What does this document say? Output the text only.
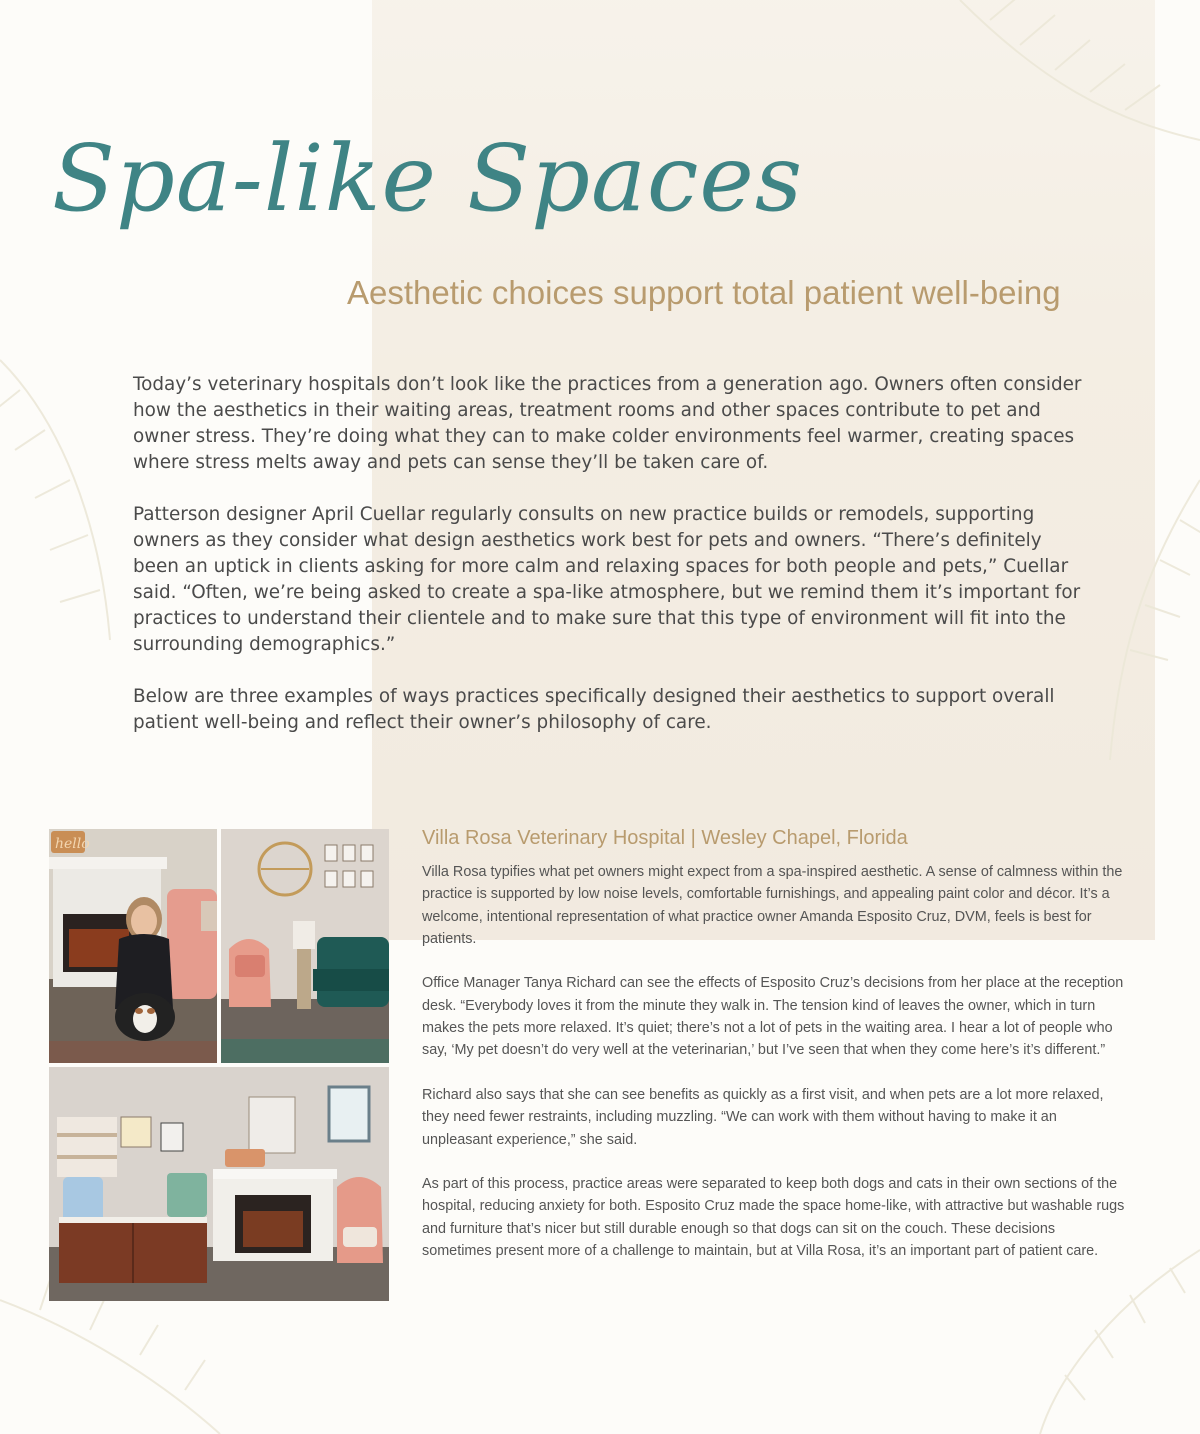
Spa-like Spaces
Aesthetic choices support total patient well-being

Today’s veterinary hospitals don’t look like the practices from a generation ago. Owners often consider how the aesthetics in their waiting areas, treatment rooms and other spaces contribute to pet and owner stress. They’re doing what they can to make colder environments feel warmer, creating spaces where stress melts away and pets can sense they’ll be taken care of.

Patterson designer April Cuellar regularly consults on new practice builds or remodels, supporting owners as they consider what design aesthetics work best for pets and owners. “There’s definitely been an uptick in clients asking for more calm and relaxing spaces for both people and pets,” Cuellar said. “Often, we’re being asked to create a spa-like atmosphere, but we remind them it’s important for practices to understand their clientele and to make sure that this type of environment will fit into the surrounding demographics.”

Below are three examples of ways practices specifically designed their aesthetics to support overall patient well-being and reflect their owner’s philosophy of care.

hello	Villa Rosa Veterinary Hospital | Wesley Chapel, Florida

Villa Rosa typifies what pet owners might expect from a spa-inspired aesthetic. A sense of calmness within the practice is supported by low noise levels, comfortable furnishings, and appealing paint color and décor. It’s a welcome, intentional representation of what practice owner Amanda Esposito Cruz, DVM, feels is best for patients.

Office Manager Tanya Richard can see the effects of Esposito Cruz’s decisions from her place at the reception desk. “Everybody loves it from the minute they walk in. The tension kind of leaves the owner, which in turn makes the pets more relaxed. It’s quiet; there’s not a lot of pets in the waiting area. I hear a lot of people who say, ‘My pet doesn’t do very well at the veterinarian,’ but I’ve seen that when they come here’s it’s different.”

Richard also says that she can see benefits as quickly as a first visit, and when pets are a lot more relaxed, they need fewer restraints, including muzzling. “We can work with them without having to make it an unpleasant experience,” she said.

As part of this process, practice areas were separated to keep both dogs and cats in their own sections of the hospital, reducing anxiety for both. Esposito Cruz made the space home-like, with attractive but washable rugs and furniture that’s nicer but still durable enough so that dogs can sit on the couch. These decisions sometimes present more of a challenge to maintain, but at Villa Rosa, it’s an important part of patient care.
